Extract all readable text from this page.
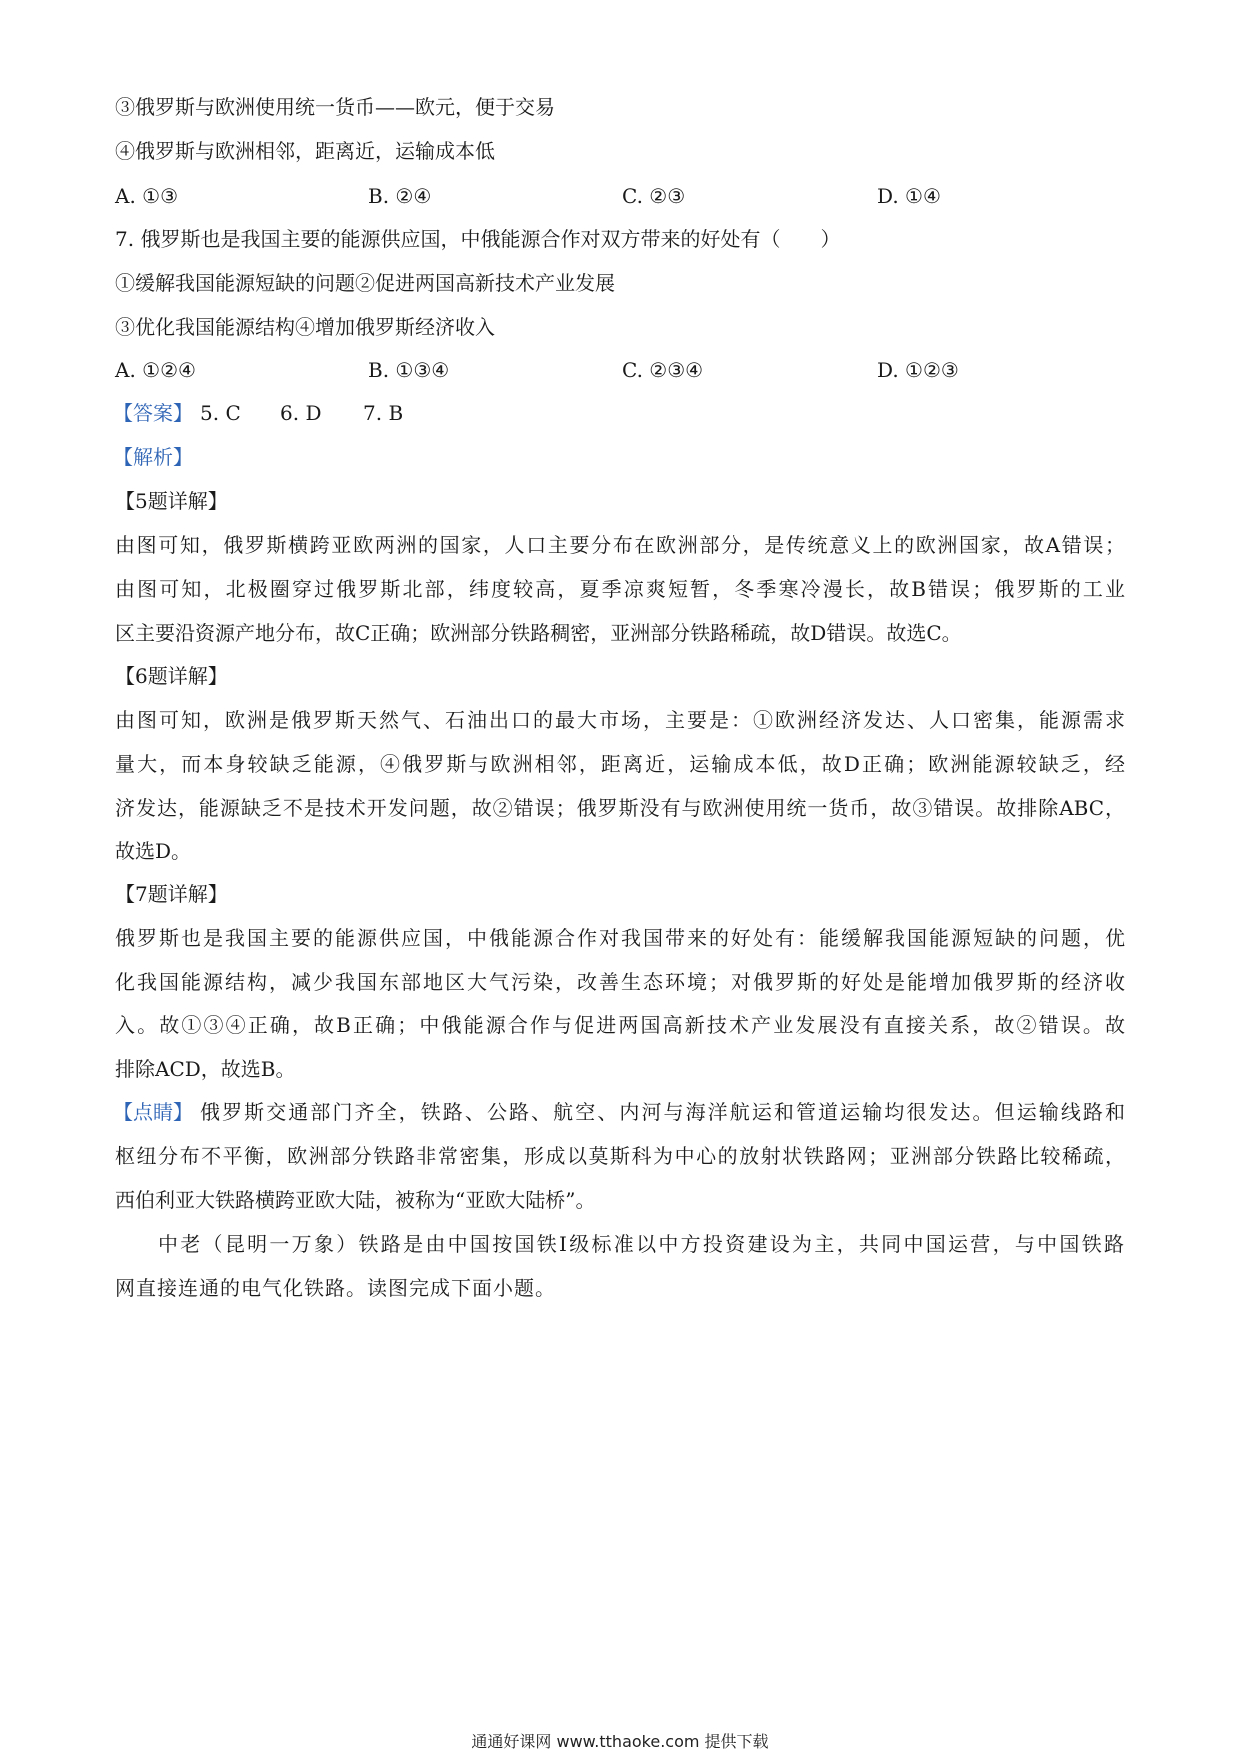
③俄罗斯与欧洲使用统一货币——欧元，便于交易
④俄罗斯与欧洲相邻，距离近，运输成本低
A. ①③	B. ②④	C. ②③	D. ①④
7. 俄罗斯也是我国主要的能源供应国，中俄能源合作对双方带来的好处有（　　）
①缓解我国能源短缺的问题②促进两国高新技术产业发展
③优化我国能源结构④增加俄罗斯经济收入
A. ①②④	B. ①③④	C. ②③④	D. ①②③
【答案】 5. C 6. D 7. B
【解析】
【5题详解】
由图可知，俄罗斯横跨亚欧两洲的国家，人口主要分布在欧洲部分，是传统意义上的欧洲国家，故A错误；
由图可知，北极圈穿过俄罗斯北部，纬度较高，夏季凉爽短暂，冬季寒冷漫长，故B错误；俄罗斯的工业
区主要沿资源产地分布，故C正确；欧洲部分铁路稠密，亚洲部分铁路稀疏，故D错误。故选C。
【6题详解】
由图可知，欧洲是俄罗斯天然气、石油出口的最大市场，主要是：①欧洲经济发达、人口密集，能源需求
量大，而本身较缺乏能源，④俄罗斯与欧洲相邻，距离近，运输成本低，故D正确；欧洲能源较缺乏，经
济发达，能源缺乏不是技术开发问题，故②错误；俄罗斯没有与欧洲使用统一货币，故③错误。故排除ABC，
故选D。
【7题详解】
俄罗斯也是我国主要的能源供应国，中俄能源合作对我国带来的好处有：能缓解我国能源短缺的问题，优
化我国能源结构，减少我国东部地区大气污染，改善生态环境；对俄罗斯的好处是能增加俄罗斯的经济收
入。故①③④正确，故B正确；中俄能源合作与促进两国高新技术产业发展没有直接关系，故②错误。故
排除ACD，故选B。
【点睛】 俄罗斯交通部门齐全，铁路、公路、航空、内河与海洋航运和管道运输均很发达。但运输线路和
枢纽分布不平衡，欧洲部分铁路非常密集，形成以莫斯科为中心的放射状铁路网；亚洲部分铁路比较稀疏，
西伯利亚大铁路横跨亚欧大陆，被称为“亚欧大陆桥”。
中老（昆明一万象）铁路是由中国按国铁Ⅰ级标准以中方投资建设为主，共同中国运营，与中国铁路
网直接连通的电气化铁路。读图完成下面小题。
通通好课网 www.tthaoke.com 提供下载
